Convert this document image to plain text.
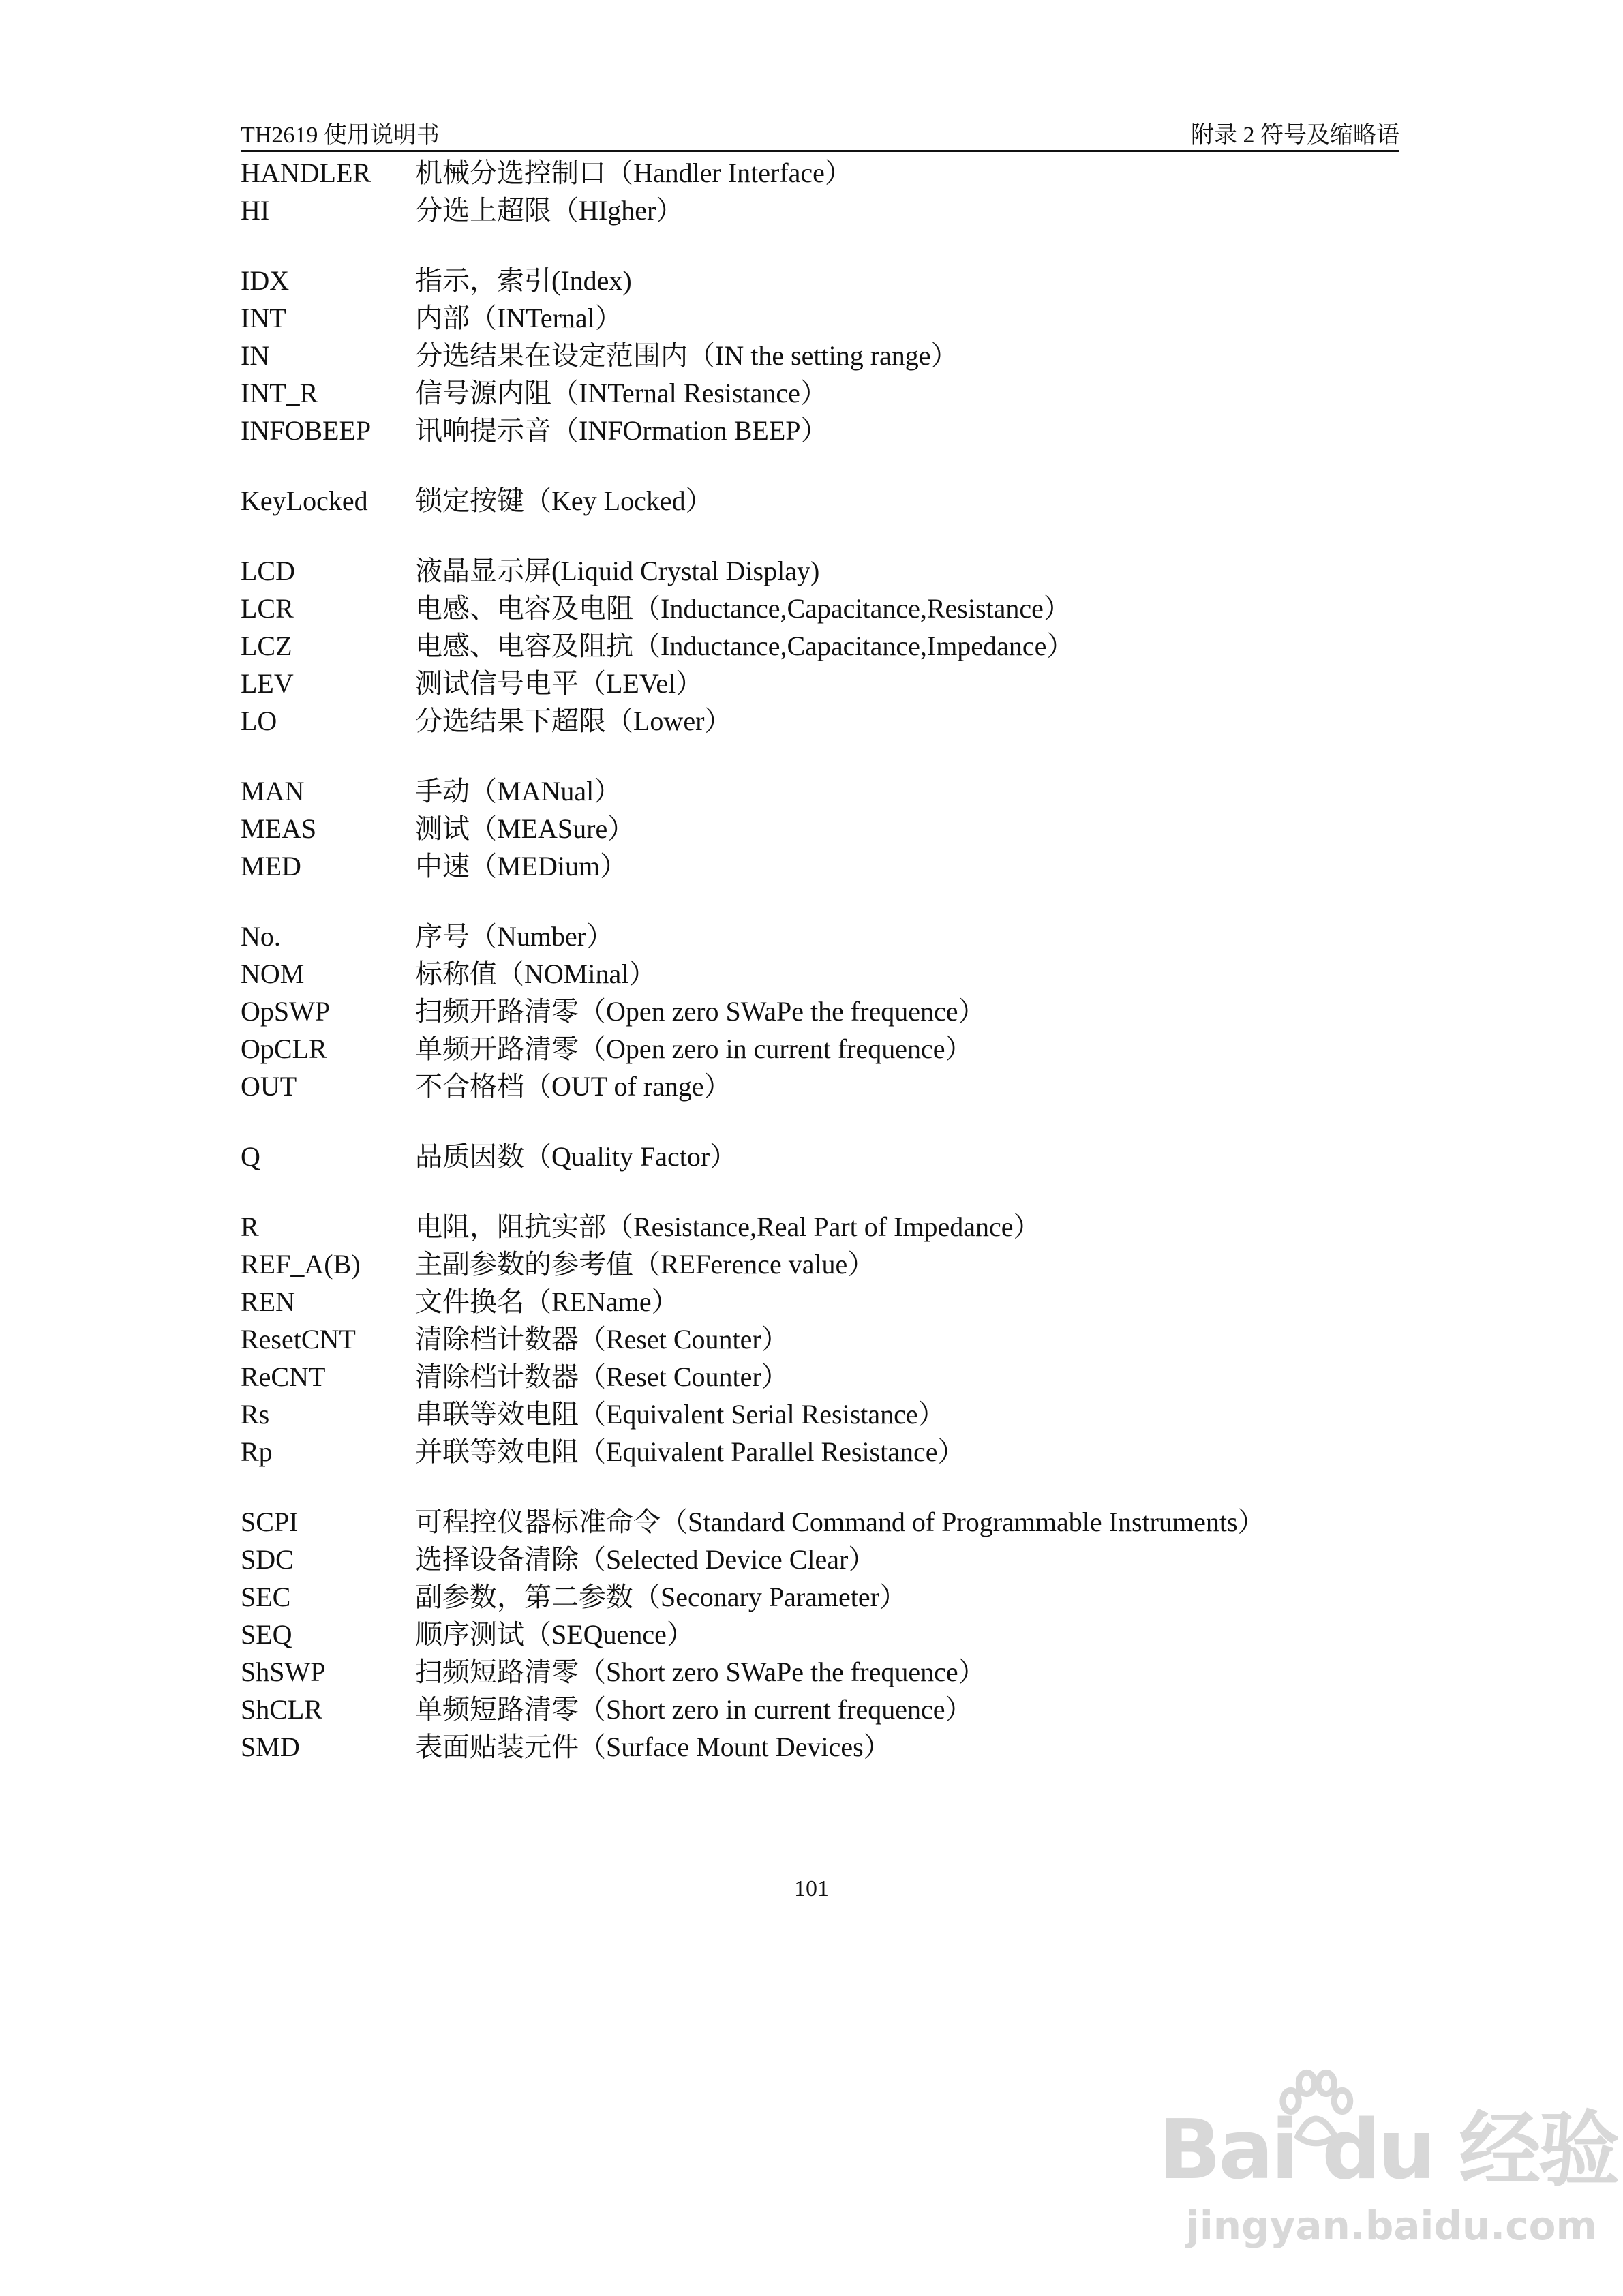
TH2619 使用说明书	附录 2 符号及缩略语
HANDLER	机械分选控制口（Handler Interface）
HI	分选上超限（HIgher）
IDX	指示，索引(Index)
INT	内部（INTernal）
IN	分选结果在设定范围内（IN the setting range）
INT_R	信号源内阻（INTernal Resistance）
INFOBEEP	讯响提示音（INFOrmation BEEP）
KeyLocked	锁定按键（Key Locked）
LCD	液晶显示屏(Liquid Crystal Display)
LCR	电感、电容及电阻（Inductance,Capacitance,Resistance）
LCZ	电感、电容及阻抗（Inductance,Capacitance,Impedance）
LEV	测试信号电平（LEVel）
LO	分选结果下超限（Lower）
MAN	手动（MANual）
MEAS	测试（MEASure）
MED	中速（MEDium）
No.	序号（Number）
NOM	标称值（NOMinal）
OpSWP	扫频开路清零（Open zero SWaPe the frequence）
OpCLR	单频开路清零（Open zero in current frequence）
OUT	不合格档（OUT of range）
Q	品质因数（Quality Factor）
R	电阻，阻抗实部（Resistance,Real Part of Impedance）
REF_A(B)	主副参数的参考值（REFerence value）
REN	文件换名（REName）
ResetCNT	清除档计数器（Reset Counter）
ReCNT	清除档计数器（Reset Counter）
Rs	串联等效电阻（Equivalent Serial Resistance）
Rp	并联等效电阻（Equivalent Parallel Resistance）
SCPI	可程控仪器标准命令（Standard Command of Programmable Instruments）
SDC	选择设备清除（Selected Device Clear）
SEC	副参数，第二参数（Seconary Parameter）
SEQ	顺序测试（SEQuence）
ShSWP	扫频短路清零（Short zero SWaPe the frequence）
ShCLR	单频短路清零（Short zero in current frequence）
SMD	表面贴装元件（Surface Mount Devices）
101
Bai du 经验
jingyan.baidu.com
